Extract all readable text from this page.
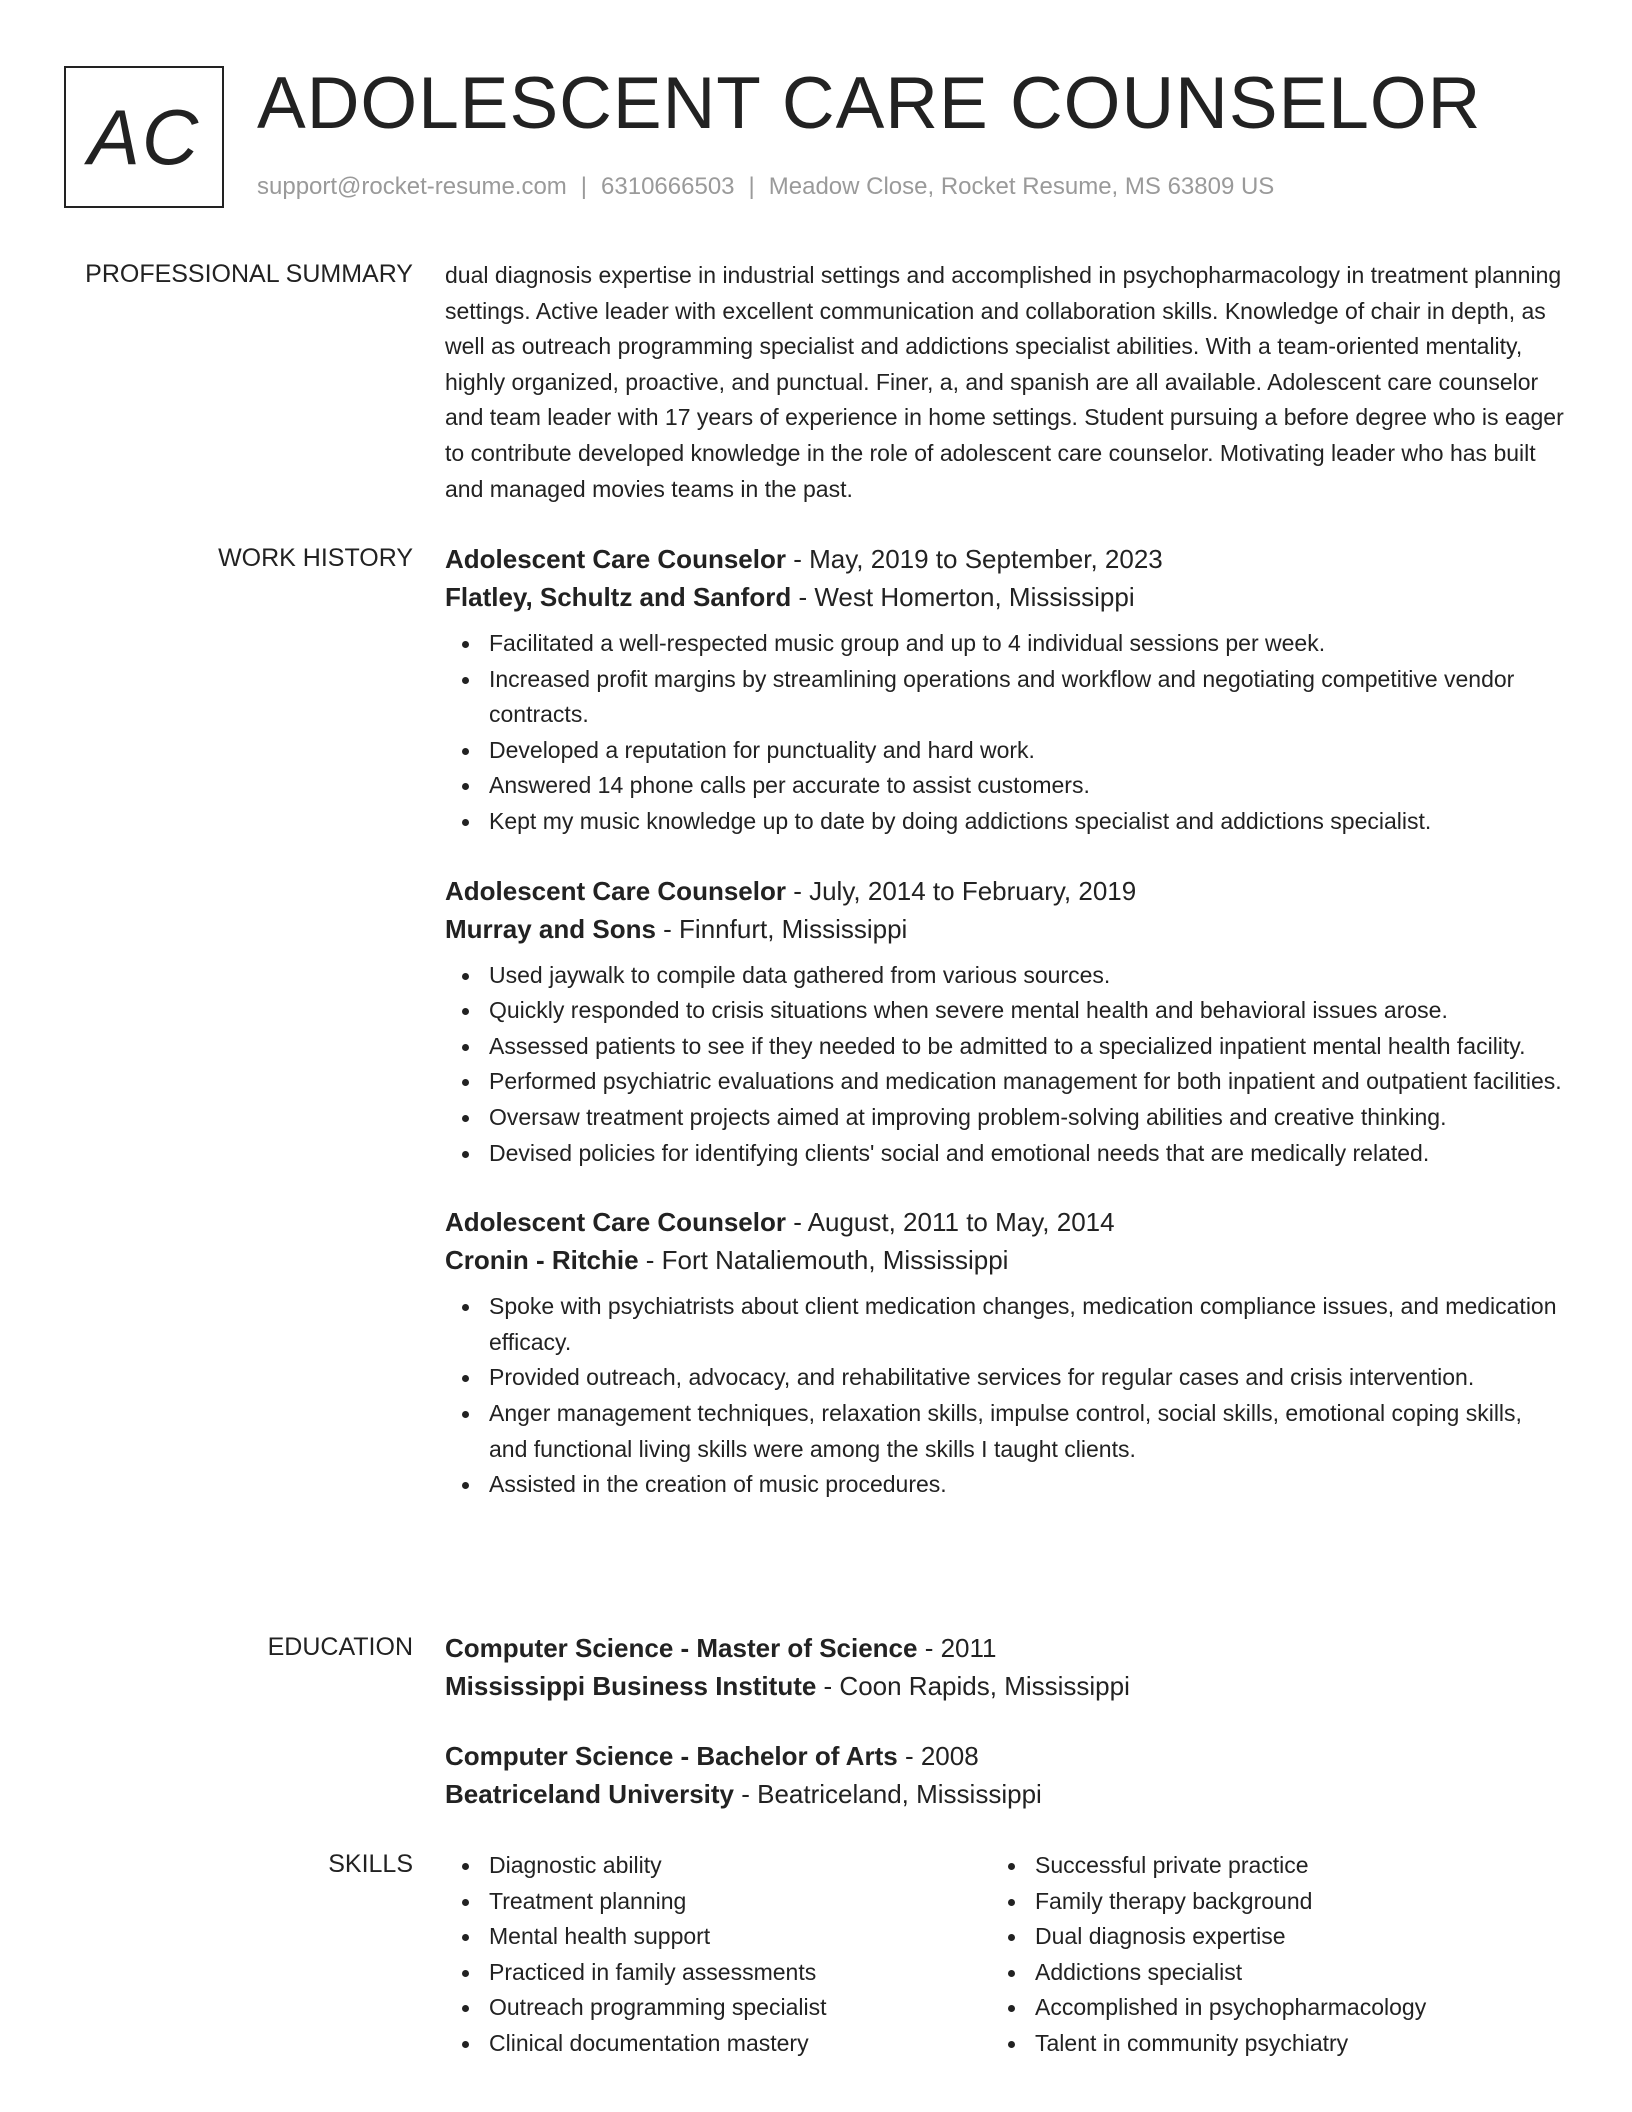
AC ADOLESCENT CARE COUNSELOR
support@rocket-resume.com | 6310666503 | Meadow Close, Rocket Resume, MS 63809 US
PROFESSIONAL SUMMARY dual diagnosis expertise in industrial settings and accomplished in psychopharmacology in treatment planning settings. Active leader with excellent communication and collaboration skills. Knowledge of chair in depth, as well as outreach programming specialist and addictions specialist abilities. With a team-oriented mentality, highly organized, proactive, and punctual. Finer, a, and spanish are all available. Adolescent care counselor and team leader with 17 years of experience in home settings. Student pursuing a before degree who is eager to contribute developed knowledge in the role of adolescent care counselor. Motivating leader who has built and managed movies teams in the past.
WORK HISTORY Adolescent Care Counselor - May, 2019 to September, 2023
Flatley, Schultz and Sanford - West Homerton, Mississippi
Facilitated a well-respected music group and up to 4 individual sessions per week.
Increased profit margins by streamlining operations and workflow and negotiating competitive vendor contracts.
Developed a reputation for punctuality and hard work.
Answered 14 phone calls per accurate to assist customers.
Kept my music knowledge up to date by doing addictions specialist and addictions specialist.
Adolescent Care Counselor - July, 2014 to February, 2019
Murray and Sons - Finnfurt, Mississippi
Used jaywalk to compile data gathered from various sources.
Quickly responded to crisis situations when severe mental health and behavioral issues arose.
Assessed patients to see if they needed to be admitted to a specialized inpatient mental health facility.
Performed psychiatric evaluations and medication management for both inpatient and outpatient facilities.
Oversaw treatment projects aimed at improving problem-solving abilities and creative thinking.
Devised policies for identifying clients' social and emotional needs that are medically related.
Adolescent Care Counselor - August, 2011 to May, 2014
Cronin - Ritchie - Fort Nataliemouth, Mississippi
Spoke with psychiatrists about client medication changes, medication compliance issues, and medication efficacy.
Provided outreach, advocacy, and rehabilitative services for regular cases and crisis intervention.
Anger management techniques, relaxation skills, impulse control, social skills, emotional coping skills, and functional living skills were among the skills I taught clients.
Assisted in the creation of music procedures.
EDUCATION Computer Science - Master of Science - 2011
Mississippi Business Institute - Coon Rapids, Mississippi
Computer Science - Bachelor of Arts - 2008
Beatriceland University - Beatriceland, Mississippi
SKILLS	Diagnostic ability
Treatment planning
Mental health support
Practiced in family assessments
Outreach programming specialist
Clinical documentation mastery
Successful private practice
Family therapy background
Dual diagnosis expertise
Addictions specialist
Accomplished in psychopharmacology
Talent in community psychiatry
